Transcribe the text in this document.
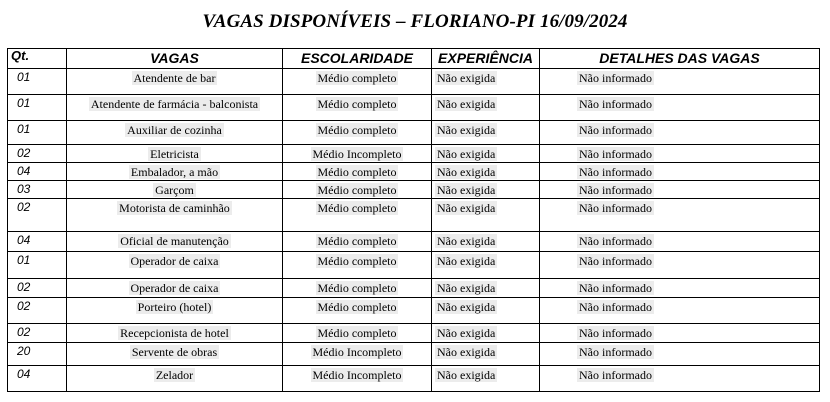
VAGAS DISPONÍVEIS – FLORIANO-PI 16/09/2024
Qt.	VAGAS	ESCOLARIDADE	EXPERIÊNCIA	DETALHES DAS VAGAS

01	Atendente de bar	Médio completo	Não exigida	Não informado

01	Atendente de farmácia - balconista	Médio completo	Não exigida	Não informado

01	Auxiliar de cozinha	Médio completo	Não exigida	Não informado

02	Eletricista	Médio Incompleto	Não exigida	Não informado

04	Embalador, a mão	Médio completo	Não exigida	Não informado

03	Garçom	Médio completo	Não exigida	Não informado

02	Motorista de caminhão	Médio completo	Não exigida	Não informado

04	Oficial de manutenção	Médio completo	Não exigida	Não informado

01	Operador de caixa	Médio completo	Não exigida	Não informado

02	Operador de caixa	Médio completo	Não exigida	Não informado

02	Porteiro (hotel)	Médio completo	Não exigida	Não informado

02	Recepcionista de hotel	Médio completo	Não exigida	Não informado

20	Servente de obras	Médio Incompleto	Não exigida	Não informado

04	Zelador	Médio Incompleto	Não exigida	Não informado
